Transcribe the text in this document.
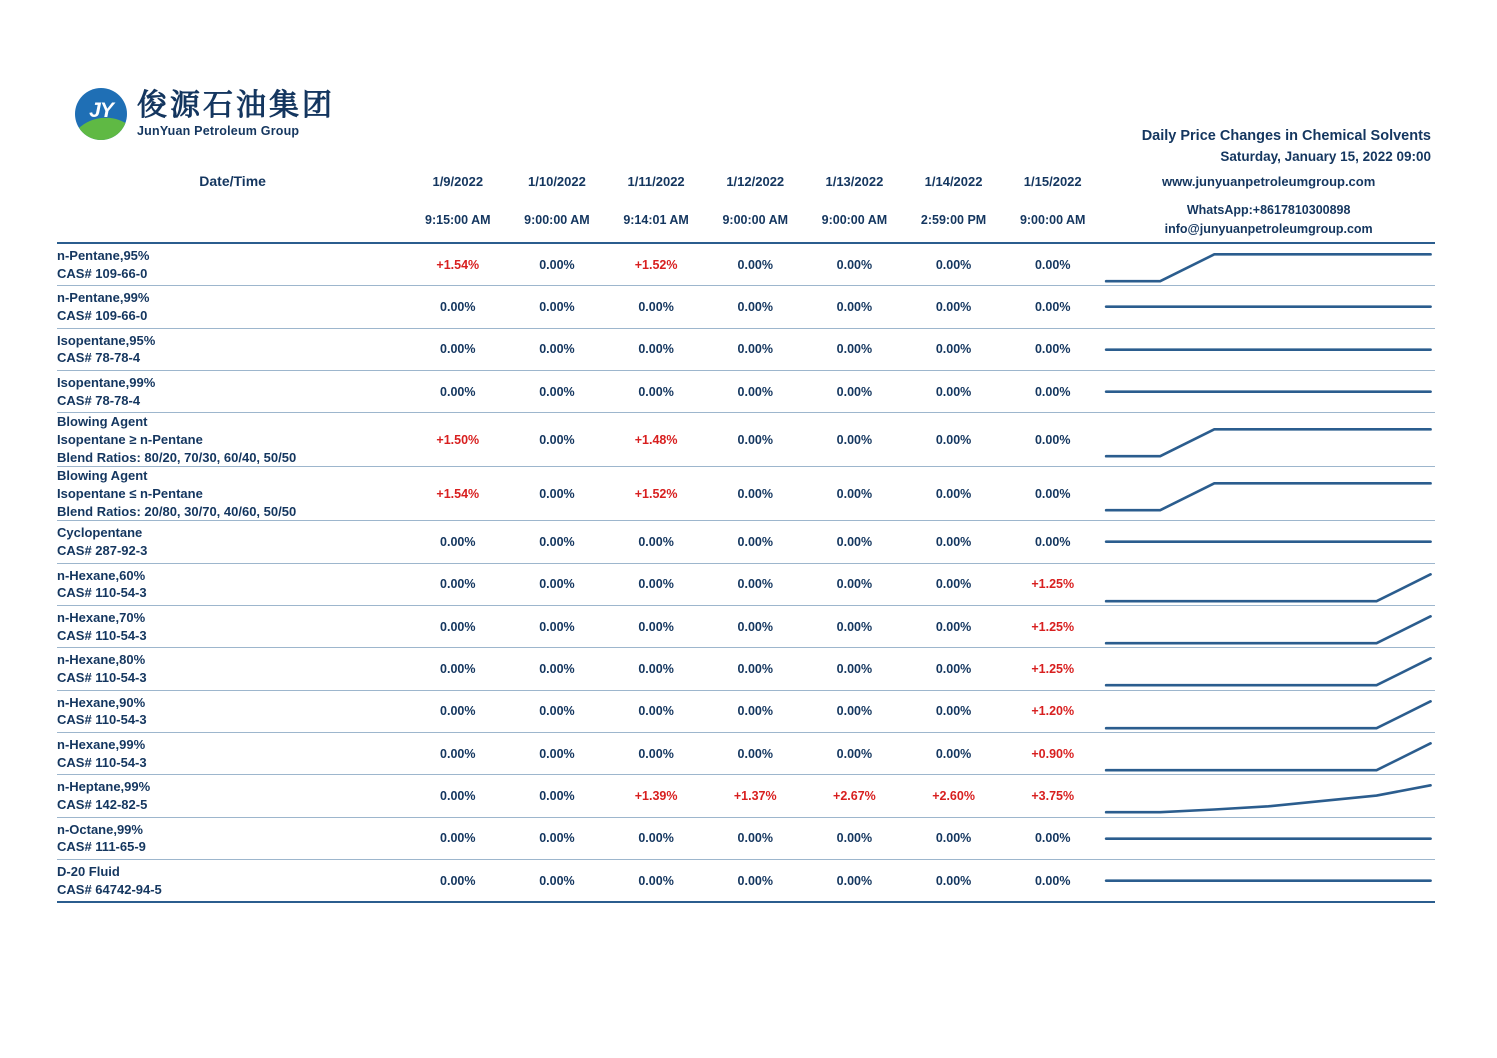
JY 俊源石油集团
JunYuan Petroleum Group	Daily Price Changes in Chemical Solvents
Saturday, January 15, 2022 09:00
Date/Time	1/9/2022	1/10/2022	1/11/2022	1/12/2022	1/13/2022	1/14/2022	1/15/2022	www.junyuanpetroleumgroup.com
	9:15:00 AM	9:00:00 AM	9:14:01 AM	9:00:00 AM	9:00:00 AM	2:59:00 PM	9:00:00 AM	WhatsApp:+8617810300898
info@junyuanpetroleumgroup.com

n-Pentane,95%
CAS# 109-66-0	+1.54%	0.00%	+1.52%	0.00%	0.00%	0.00%	0.00%	

n-Pentane,99%
CAS# 109-66-0	0.00%	0.00%	0.00%	0.00%	0.00%	0.00%	0.00%	

Isopentane,95%
CAS# 78-78-4	0.00%	0.00%	0.00%	0.00%	0.00%	0.00%	0.00%	

Isopentane,99%
CAS# 78-78-4	0.00%	0.00%	0.00%	0.00%	0.00%	0.00%	0.00%	

Blowing Agent
Isopentane ≥ n-Pentane
Blend Ratios: 80/20, 70/30, 60/40, 50/50	+1.50%	0.00%	+1.48%	0.00%	0.00%	0.00%	0.00%	

Blowing Agent
Isopentane ≤ n-Pentane
Blend Ratios: 20/80, 30/70, 40/60, 50/50	+1.54%	0.00%	+1.52%	0.00%	0.00%	0.00%	0.00%	

Cyclopentane
CAS# 287-92-3	0.00%	0.00%	0.00%	0.00%	0.00%	0.00%	0.00%	

n-Hexane,60%
CAS# 110-54-3	0.00%	0.00%	0.00%	0.00%	0.00%	0.00%	+1.25%	

n-Hexane,70%
CAS# 110-54-3	0.00%	0.00%	0.00%	0.00%	0.00%	0.00%	+1.25%	

n-Hexane,80%
CAS# 110-54-3	0.00%	0.00%	0.00%	0.00%	0.00%	0.00%	+1.25%	

n-Hexane,90%
CAS# 110-54-3	0.00%	0.00%	0.00%	0.00%	0.00%	0.00%	+1.20%	

n-Hexane,99%
CAS# 110-54-3	0.00%	0.00%	0.00%	0.00%	0.00%	0.00%	+0.90%	

n-Heptane,99%
CAS# 142-82-5	0.00%	0.00%	+1.39%	+1.37%	+2.67%	+2.60%	+3.75%	

n-Octane,99%
CAS# 111-65-9	0.00%	0.00%	0.00%	0.00%	0.00%	0.00%	0.00%	

D-20 Fluid
CAS# 64742-94-5	0.00%	0.00%	0.00%	0.00%	0.00%	0.00%	0.00%	
